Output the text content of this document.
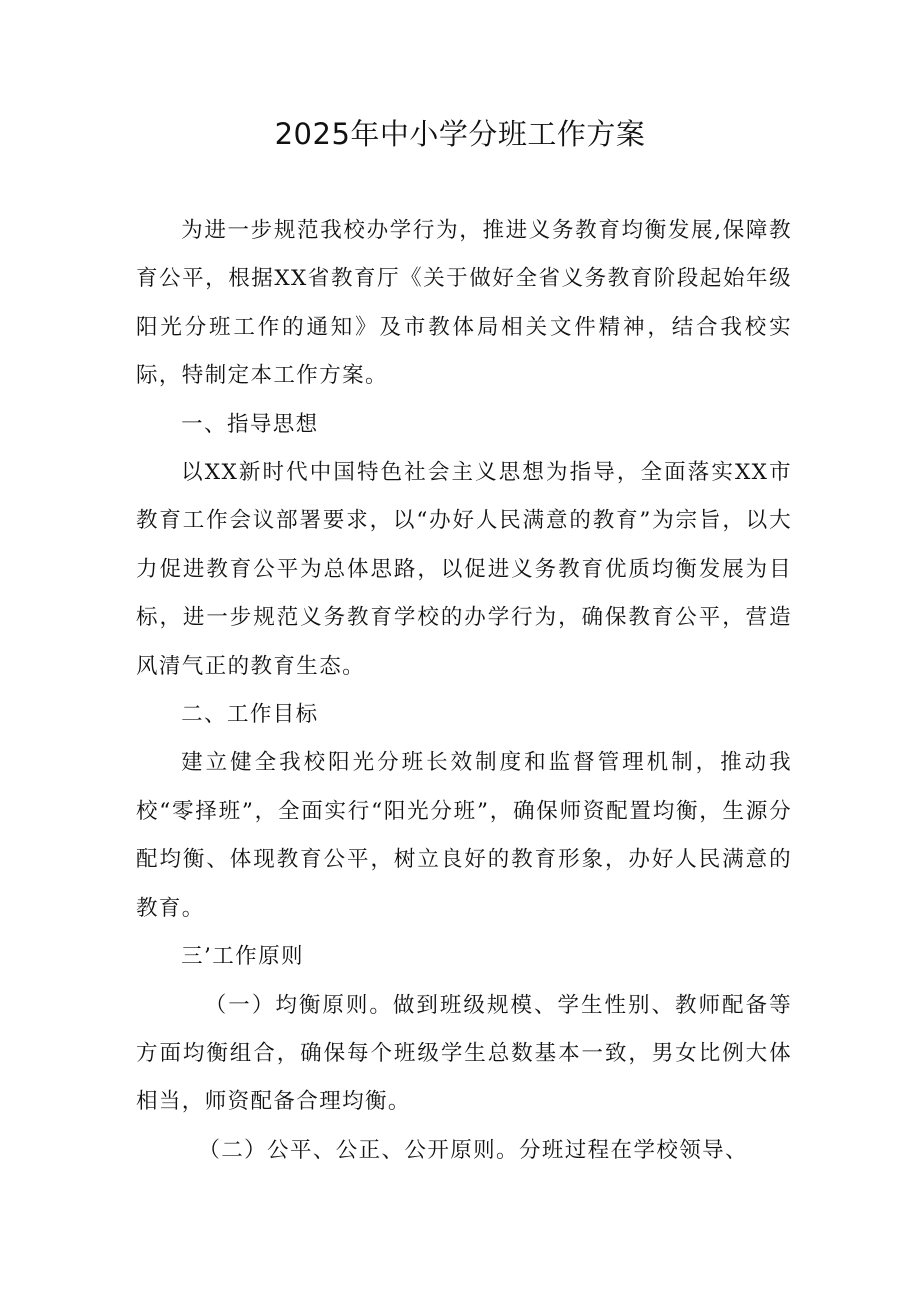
2025年中小学分班工作方案

为进一步规范我校办学行为，推进义务教育均衡发展,保障教育公平，根据XX省教育厅《关于做好全省义务教育阶段起始年级阳光分班工作的通知》及市教体局相关文件精神，结合我校实际，特制定本工作方案。

一、指导思想

以XX新时代中国特色社会主义思想为指导，全面落实XX市教育工作会议部署要求，以“办好人民满意的教育”为宗旨，以大力促进教育公平为总体思路，以促进义务教育优质均衡发展为目标，进一步规范义务教育学校的办学行为，确保教育公平，营造风清气正的教育生态。

二、工作目标

建立健全我校阳光分班长效制度和监督管理机制，推动我校“零择班”，全面实行“阳光分班”，确保师资配置均衡，生源分配均衡、体现教育公平，树立良好的教育形象，办好人民满意的教育。

三’工作原则

（一）均衡原则。做到班级规模、学生性别、教师配备等方面均衡组合，确保每个班级学生总数基本一致，男女比例大体相当，师资配备合理均衡。

（二）公平、公正、公开原则。分班过程在学校领导、
